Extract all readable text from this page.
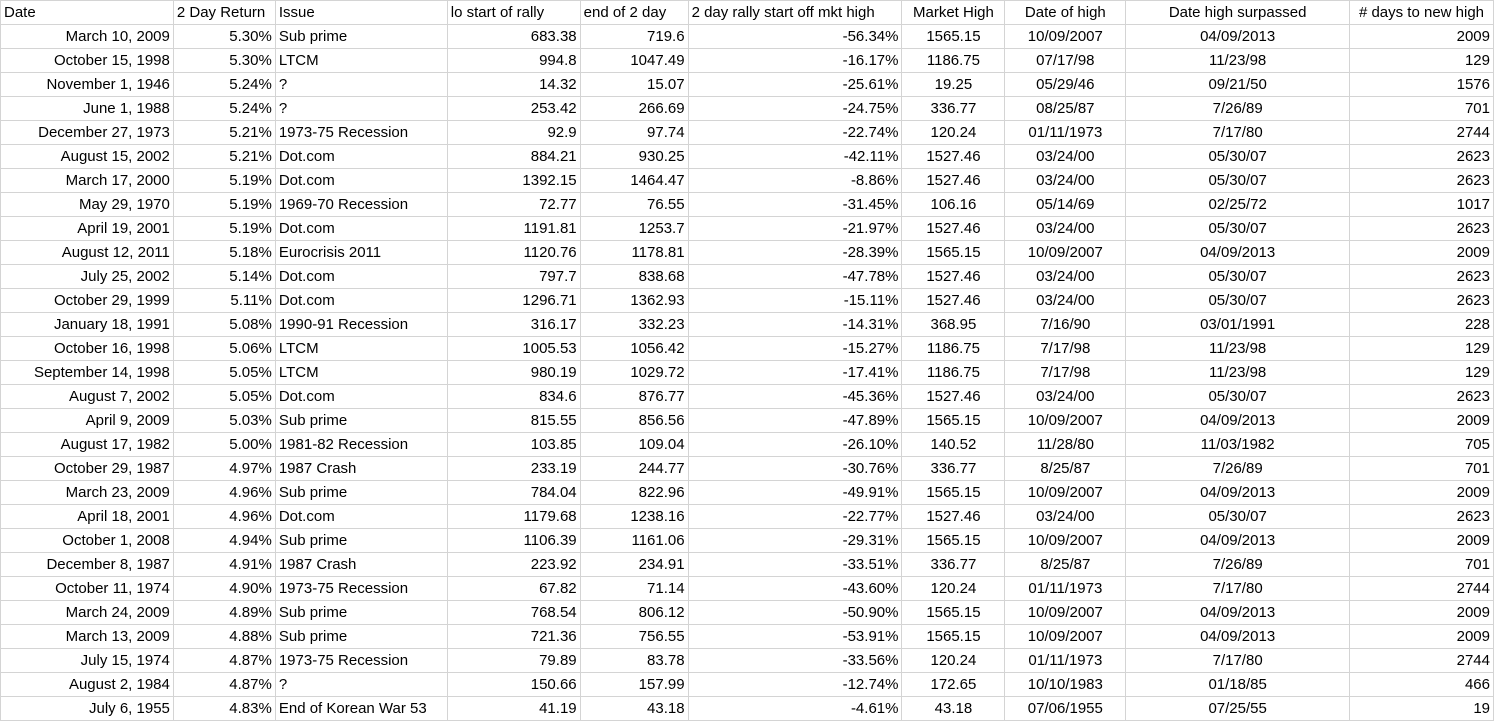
Date	2 Day Return	Issue	lo start of rally	end of 2 day	2 day rally start off mkt high	Market High	Date of high	Date high surpassed	# days to new high
March 10, 2009	5.30%	Sub prime	683.38	719.6	-56.34%	1565.15	10/09/2007	04/09/2013	2009
October 15, 1998	5.30%	LTCM	994.8	1047.49	-16.17%	1186.75	07/17/98	11/23/98	129
November 1, 1946	5.24%	?	14.32	15.07	-25.61%	19.25	05/29/46	09/21/50	1576
June 1, 1988	5.24%	?	253.42	266.69	-24.75%	336.77	08/25/87	7/26/89	701
December 27, 1973	5.21%	1973-75 Recession	92.9	97.74	-22.74%	120.24	01/11/1973	7/17/80	2744
August 15, 2002	5.21%	Dot.com	884.21	930.25	-42.11%	1527.46	03/24/00	05/30/07	2623
March 17, 2000	5.19%	Dot.com	1392.15	1464.47	-8.86%	1527.46	03/24/00	05/30/07	2623
May 29, 1970	5.19%	1969-70 Recession	72.77	76.55	-31.45%	106.16	05/14/69	02/25/72	1017
April 19, 2001	5.19%	Dot.com	1191.81	1253.7	-21.97%	1527.46	03/24/00	05/30/07	2623
August 12, 2011	5.18%	Eurocrisis 2011	1120.76	1178.81	-28.39%	1565.15	10/09/2007	04/09/2013	2009
July 25, 2002	5.14%	Dot.com	797.7	838.68	-47.78%	1527.46	03/24/00	05/30/07	2623
October 29, 1999	5.11%	Dot.com	1296.71	1362.93	-15.11%	1527.46	03/24/00	05/30/07	2623
January 18, 1991	5.08%	1990-91 Recession	316.17	332.23	-14.31%	368.95	7/16/90	03/01/1991	228
October 16, 1998	5.06%	LTCM	1005.53	1056.42	-15.27%	1186.75	7/17/98	11/23/98	129
September 14, 1998	5.05%	LTCM	980.19	1029.72	-17.41%	1186.75	7/17/98	11/23/98	129
August 7, 2002	5.05%	Dot.com	834.6	876.77	-45.36%	1527.46	03/24/00	05/30/07	2623
April 9, 2009	5.03%	Sub prime	815.55	856.56	-47.89%	1565.15	10/09/2007	04/09/2013	2009
August 17, 1982	5.00%	1981-82 Recession	103.85	109.04	-26.10%	140.52	11/28/80	11/03/1982	705
October 29, 1987	4.97%	1987 Crash	233.19	244.77	-30.76%	336.77	8/25/87	7/26/89	701
March 23, 2009	4.96%	Sub prime	784.04	822.96	-49.91%	1565.15	10/09/2007	04/09/2013	2009
April 18, 2001	4.96%	Dot.com	1179.68	1238.16	-22.77%	1527.46	03/24/00	05/30/07	2623
October 1, 2008	4.94%	Sub prime	1106.39	1161.06	-29.31%	1565.15	10/09/2007	04/09/2013	2009
December 8, 1987	4.91%	1987 Crash	223.92	234.91	-33.51%	336.77	8/25/87	7/26/89	701
October 11, 1974	4.90%	1973-75 Recession	67.82	71.14	-43.60%	120.24	01/11/1973	7/17/80	2744
March 24, 2009	4.89%	Sub prime	768.54	806.12	-50.90%	1565.15	10/09/2007	04/09/2013	2009
March 13, 2009	4.88%	Sub prime	721.36	756.55	-53.91%	1565.15	10/09/2007	04/09/2013	2009
July 15, 1974	4.87%	1973-75 Recession	79.89	83.78	-33.56%	120.24	01/11/1973	7/17/80	2744
August 2, 1984	4.87%	?	150.66	157.99	-12.74%	172.65	10/10/1983	01/18/85	466
July 6, 1955	4.83%	End of Korean War 53	41.19	43.18	-4.61%	43.18	07/06/1955	07/25/55	19
